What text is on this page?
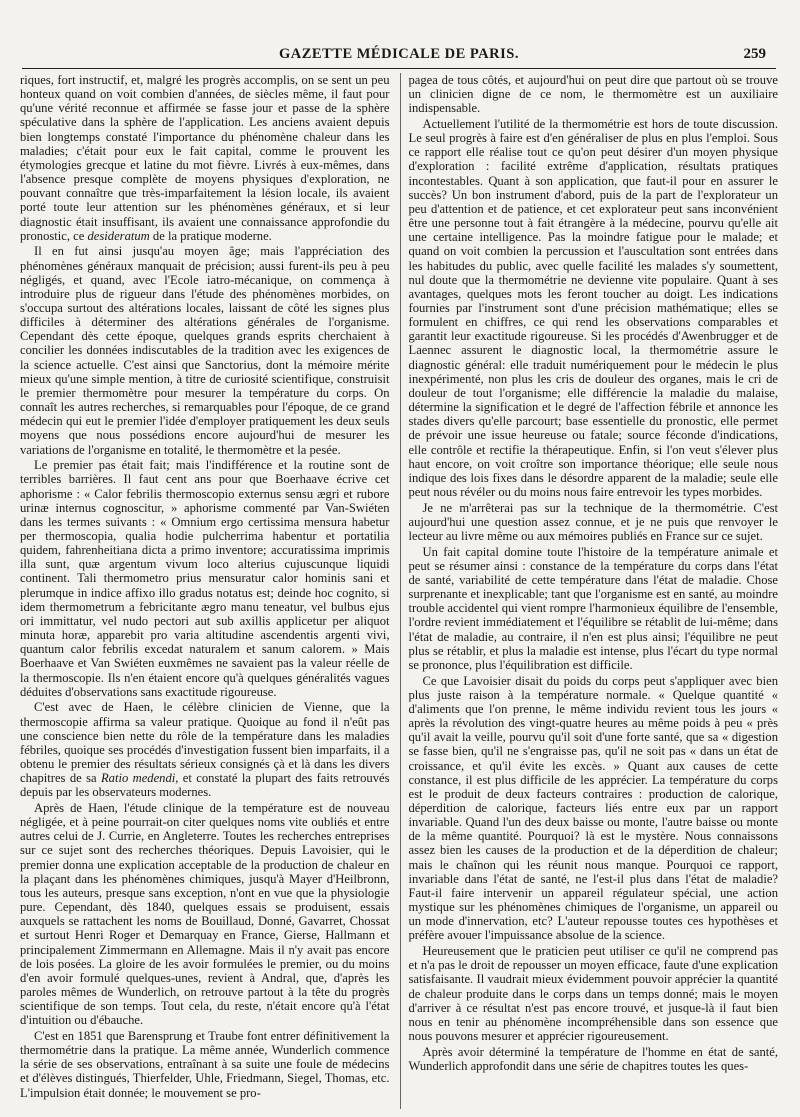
GAZETTE MÉDICALE DE PARIS.	259

riques, fort instructif, et, malgré les progrès accomplis, on se sent un peu honteux quand on voit combien d'années, de siècles même, il faut pour qu'une vérité reconnue et affirmée se fasse jour et passe de la sphère spéculative dans la sphère de l'application. Les anciens avaient depuis bien longtemps constaté l'importance du phénomène chaleur dans les maladies; c'était pour eux le fait capital, comme le prouvent les étymologies grecque et latine du mot fièvre. Livrés à eux-mêmes, dans l'absence presque complète de moyens physiques d'exploration, ne pouvant connaître que très-imparfaitement la lésion locale, ils avaient porté toute leur attention sur les phénomènes généraux, et si leur diagnostic était insuffisant, ils avaient une connaissance approfondie du pronostic, ce desideratum de la pratique moderne.

Il en fut ainsi jusqu'au moyen âge; mais l'appréciation des phénomènes généraux manquait de précision; aussi furent-ils peu à peu négligés, et quand, avec l'Ecole iatro-mécanique, on commença à introduire plus de rigueur dans l'étude des phénomènes morbides, on s'occupa surtout des altérations locales, laissant de côté les signes plus difficiles à déterminer des altérations générales de l'organisme. Cependant dès cette époque, quelques grands esprits cherchaient à concilier les données indiscutables de la tradition avec les exigences de la science actuelle. C'est ainsi que Sanctorius, dont la mémoire mérite mieux qu'une simple mention, à titre de curiosité scientifique, construisit le premier thermomètre pour mesurer la température du corps. On connaît les autres recherches, si remarquables pour l'époque, de ce grand médecin qui eut le premier l'idée d'employer pratiquement les deux seuls moyens que nous possédions encore aujourd'hui de mesurer les variations de l'organisme en totalité, le thermomètre et la pesée.

Le premier pas était fait; mais l'indifférence et la routine sont de terribles barrières. Il faut cent ans pour que Boerhaave écrive cet aphorisme : « Calor febrilis thermoscopio externus sensu ægri et rubore urinæ internus cognoscitur, » aphorisme commenté par Van-Swiéten dans les termes suivants : « Omnium ergo certissima mensura habetur per thermoscopia, qualia hodie pulcherrima habentur et portatilia quidem, fahrenheitiana dicta a primo inventore; accuratissima imprimis illa sunt, quæ argentum vivum loco alterius cujuscunque liquidi continent. Tali thermometro prius mensuratur calor hominis sani et plerumque in indice affixo illo gradus notatus est; deinde hoc cognito, si idem thermometrum a febricitante ægro manu teneatur, vel bulbus ejus ori immittatur, vel nudo pectori aut sub axillis applicetur per aliquot minuta horæ, apparebit pro varia altitudine ascendentis argenti vivi, quantum calor febrilis excedat naturalem et sanum calorem. » Mais Boerhaave et Van Swiéten euxmêmes ne savaient pas la valeur réelle de la thermoscopie. Ils n'en étaient encore qu'à quelques généralités vagues déduites d'observations sans exactitude rigoureuse.

C'est avec de Haen, le célèbre clinicien de Vienne, que la thermoscopie affirma sa valeur pratique. Quoique au fond il n'eût pas une conscience bien nette du rôle de la température dans les maladies fébriles, quoique ses procédés d'investigation fussent bien imparfaits, il a obtenu le premier des résultats sérieux consignés çà et là dans les divers chapitres de sa Ratio medendi, et constaté la plupart des faits retrouvés depuis par les observateurs modernes.

Après de Haen, l'étude clinique de la température est de nouveau négligée, et à peine pourrait-on citer quelques noms vite oubliés et entre autres celui de J. Currie, en Angleterre. Toutes les recherches entreprises sur ce sujet sont des recherches théoriques. Depuis Lavoisier, qui le premier donna une explication acceptable de la production de chaleur en la plaçant dans les phénomènes chimiques, jusqu'à Mayer d'Heilbronn, tous les auteurs, presque sans exception, n'ont en vue que la physiologie pure. Cependant, dès 1840, quelques essais se produisent, essais auxquels se rattachent les noms de Bouillaud, Donné, Gavarret, Chossat et surtout Henri Roger et Demarquay en France, Gierse, Hallmann et principalement Zimmermann en Allemagne. Mais il n'y avait pas encore de lois posées. La gloire de les avoir formulées le premier, ou du moins d'en avoir formulé quelques-unes, revient à Andral, que, d'après les paroles mêmes de Wunderlich, on retrouve partout à la tête du progrès scientifique de son temps. Tout cela, du reste, n'était encore qu'à l'état d'intuition ou d'ébauche.

C'est en 1851 que Barensprung et Traube font entrer définitivement la thermométrie dans la pratique. La même année, Wunderlich commence la série de ses observations, entraînant à sa suite une foule de médecins et d'élèves distingués, Thierfelder, Uhle, Friedmann, Siegel, Thomas, etc. L'impulsion était donnée; le mouvement se pro-

pagea de tous côtés, et aujourd'hui on peut dire que partout où se trouve un clinicien digne de ce nom, le thermomètre est un auxiliaire indispensable.

Actuellement l'utilité de la thermométrie est hors de toute discussion. Le seul progrès à faire est d'en généraliser de plus en plus l'emploi. Sous ce rapport elle réalise tout ce qu'on peut désirer d'un moyen physique d'exploration : facilité extrême d'application, résultats pratiques incontestables. Quant à son application, que faut-il pour en assurer le succès? Un bon instrument d'abord, puis de la part de l'explorateur un peu d'attention et de patience, et cet explorateur peut sans inconvénient être une personne tout à fait étrangère à la médecine, pourvu qu'elle ait une certaine intelligence. Pas la moindre fatigue pour le malade; et quand on voit combien la percussion et l'auscultation sont entrées dans les habitudes du public, avec quelle facilité les malades s'y soumettent, nul doute que la thermométrie ne devienne vite populaire. Quant à ses avantages, quelques mots les feront toucher au doigt. Les indications fournies par l'instrument sont d'une précision mathématique; elles se formulent en chiffres, ce qui rend les observations comparables et garantit leur exactitude rigoureuse. Si les procédés d'Awenbrugger et de Laennec assurent le diagnostic local, la thermométrie assure le diagnostic général: elle traduit numériquement pour le médecin le plus inexpérimenté, non plus les cris de douleur des organes, mais le cri de douleur de tout l'organisme; elle différencie la maladie du malaise, détermine la signification et le degré de l'affection fébrile et annonce les stades divers qu'elle parcourt; base essentielle du pronostic, elle permet de prévoir une issue heureuse ou fatale; source féconde d'indications, elle contrôle et rectifie la thérapeutique. Enfin, si l'on veut s'élever plus haut encore, on voit croître son importance théorique; elle seule nous indique des lois fixes dans le désordre apparent de la maladie; seule elle peut nous révéler ou du moins nous faire entrevoir les types morbides.

Je ne m'arrêterai pas sur la technique de la thermométrie. C'est aujourd'hui une question assez connue, et je ne puis que renvoyer le lecteur au livre même ou aux mémoires publiés en France sur ce sujet.

Un fait capital domine toute l'histoire de la température animale et peut se résumer ainsi : constance de la température du corps dans l'état de santé, variabilité de cette température dans l'état de maladie. Chose surprenante et inexplicable; tant que l'organisme est en santé, au moindre trouble accidentel qui vient rompre l'harmonieux équilibre de l'ensemble, l'ordre revient immédiatement et l'équilibre se rétablit de lui-même; dans l'état de maladie, au contraire, il n'en est plus ainsi; l'équilibre ne peut plus se rétablir, et plus la maladie est intense, plus l'écart du type normal se prononce, plus l'équilibration est difficile.

Ce que Lavoisier disait du poids du corps peut s'appliquer avec bien plus juste raison à la température normale. « Quelque quantité « d'aliments que l'on prenne, le même individu revient tous les jours « après la révolution des vingt-quatre heures au même poids à peu « près qu'il avait la veille, pourvu qu'il soit d'une forte santé, que sa « digestion se fasse bien, qu'il ne s'engraisse pas, qu'il ne soit pas « dans un état de croissance, et qu'il évite les excès. » Quant aux causes de cette constance, il est plus difficile de les apprécier. La température du corps est le produit de deux facteurs contraires : production de calorique, déperdition de calorique, facteurs liés entre eux par un rapport invariable. Quand l'un des deux baisse ou monte, l'autre baisse ou monte de la même quantité. Pourquoi? là est le mystère. Nous connaissons assez bien les causes de la production et de la déperdition de chaleur; mais le chaînon qui les réunit nous manque. Pourquoi ce rapport, invariable dans l'état de santé, ne l'est-il plus dans l'état de maladie? Faut-il faire intervenir un appareil régulateur spécial, une action mystique sur les phénomènes chimiques de l'organisme, un appareil ou un mode d'innervation, etc? L'auteur repousse toutes ces hypothèses et préfère avouer l'impuissance absolue de la science.

Heureusement que le praticien peut utiliser ce qu'il ne comprend pas et n'a pas le droit de repousser un moyen efficace, faute d'une explication satisfaisante. Il vaudrait mieux évidemment pouvoir apprécier la quantité de chaleur produite dans le corps dans un temps donné; mais le moyen d'arriver à ce résultat n'est pas encore trouvé, et jusque-là il faut bien nous en tenir au phénomène incompréhensible dans son essence que nous pouvons mesurer et apprécier rigoureusement.

Après avoir déterminé la température de l'homme en état de santé, Wunderlich approfondit dans une série de chapitres toutes les ques-
